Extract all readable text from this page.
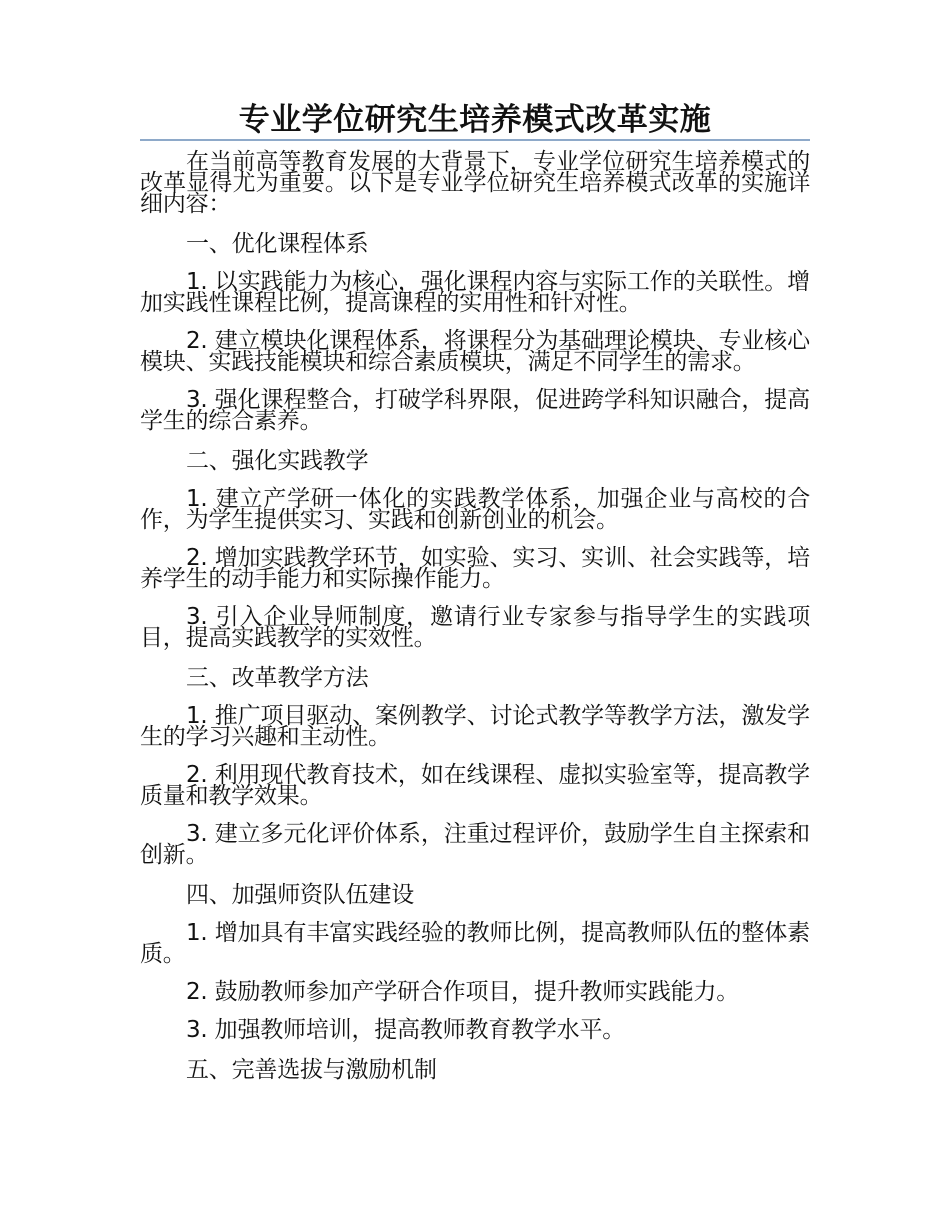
专业学位研究生培养模式改革实施

在当前高等教育发展的大背景下，专业学位研究生培养模式的改革显得尤为重要。以下是专业学位研究生培养模式改革的实施详细内容：

一、优化课程体系

1. 以实践能力为核心，强化课程内容与实际工作的关联性。增加实践性课程比例，提高课程的实用性和针对性。

2. 建立模块化课程体系，将课程分为基础理论模块、专业核心模块、实践技能模块和综合素质模块，满足不同学生的需求。

3. 强化课程整合，打破学科界限，促进跨学科知识融合，提高学生的综合素养。

二、强化实践教学

1. 建立产学研一体化的实践教学体系，加强企业与高校的合作，为学生提供实习、实践和创新创业的机会。

2. 增加实践教学环节，如实验、实习、实训、社会实践等，培养学生的动手能力和实际操作能力。

3. 引入企业导师制度，邀请行业专家参与指导学生的实践项目，提高实践教学的实效性。

三、改革教学方法

1. 推广项目驱动、案例教学、讨论式教学等教学方法，激发学生的学习兴趣和主动性。

2. 利用现代教育技术，如在线课程、虚拟实验室等，提高教学质量和教学效果。

3. 建立多元化评价体系，注重过程评价，鼓励学生自主探索和创新。

四、加强师资队伍建设

1. 增加具有丰富实践经验的教师比例，提高教师队伍的整体素质。

2. 鼓励教师参加产学研合作项目，提升教师实践能力。

3. 加强教师培训，提高教师教育教学水平。

五、完善选拔与激励机制
